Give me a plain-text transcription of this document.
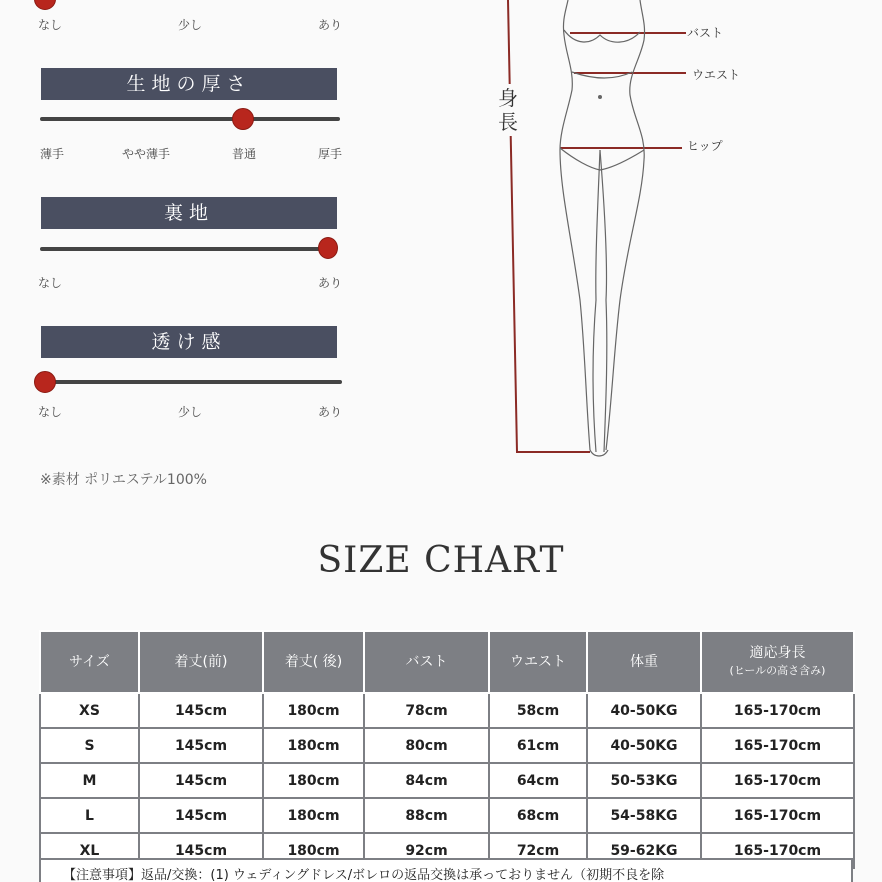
なし	少し	あり
生地の厚さ
薄手	やや薄手	普通	厚手
裏地
なし	あり
透け感
なし	少し	あり
※素材 ポリエステル100%
身長
バスト
ウエスト
ヒップ
SIZE CHART
サイズ	着丈(前)	着丈( 後)	バスト	ウエスト	体重	適応身長
(ヒールの高さ含み)

XS	145cm	180cm	78cm	58cm	40-50KG	165-170cm
S	145cm	180cm	80cm	61cm	40-50KG	165-170cm
M	145cm	180cm	84cm	64cm	50-53KG	165-170cm
L	145cm	180cm	88cm	68cm	54-58KG	165-170cm
XL	145cm	180cm	92cm	72cm	59-62KG	165-170cm
【注意事項】返品/交換：(1) ウェディングドレス/ボレロの返品交換は承っておりません（初期不良を除
